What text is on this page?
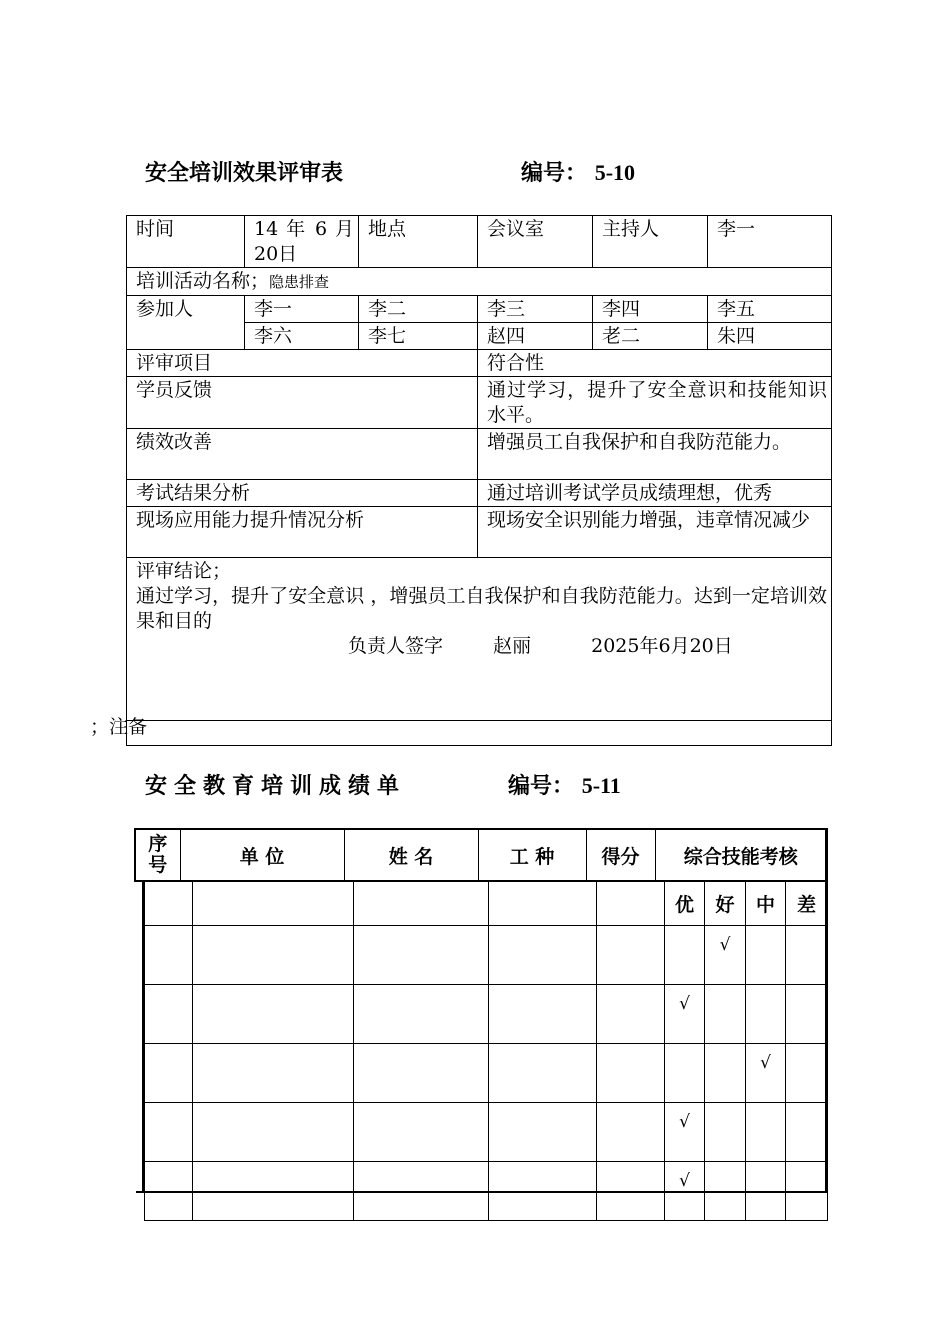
安全培训效果评审表	编号： 5-10
时间	14 年 6 月20日	地点	会议室	主持人	李一
培训活动名称；隐患排查					
参加人	李一	李二	李三	李四	李五
	李六	李七	赵四	老二	朱四
评审项目			符合性		
学员反馈			通过学习，提升了安全意识和技能知识水平。		
绩效改善			增强员工自我保护和自我防范能力。		
考试结果分析			通过培训考试学员成绩理想，优秀		
现场应用能力提升情况分析			现场安全识别能力增强，违章情况减少		

评审结论；
通过学习，提升了安全意识 ，增强员工自我保护和自我防范能力。达到一定培训效果和目的
负责人签字 赵丽 2025年6月20日					

；注备
安全教育培训成绩单	编号： 5-11
序号	单 位	姓 名	工 种	得分	综合技能考核
					优	好	中	差
						√		
					√			
							√	
					√			
					√			
